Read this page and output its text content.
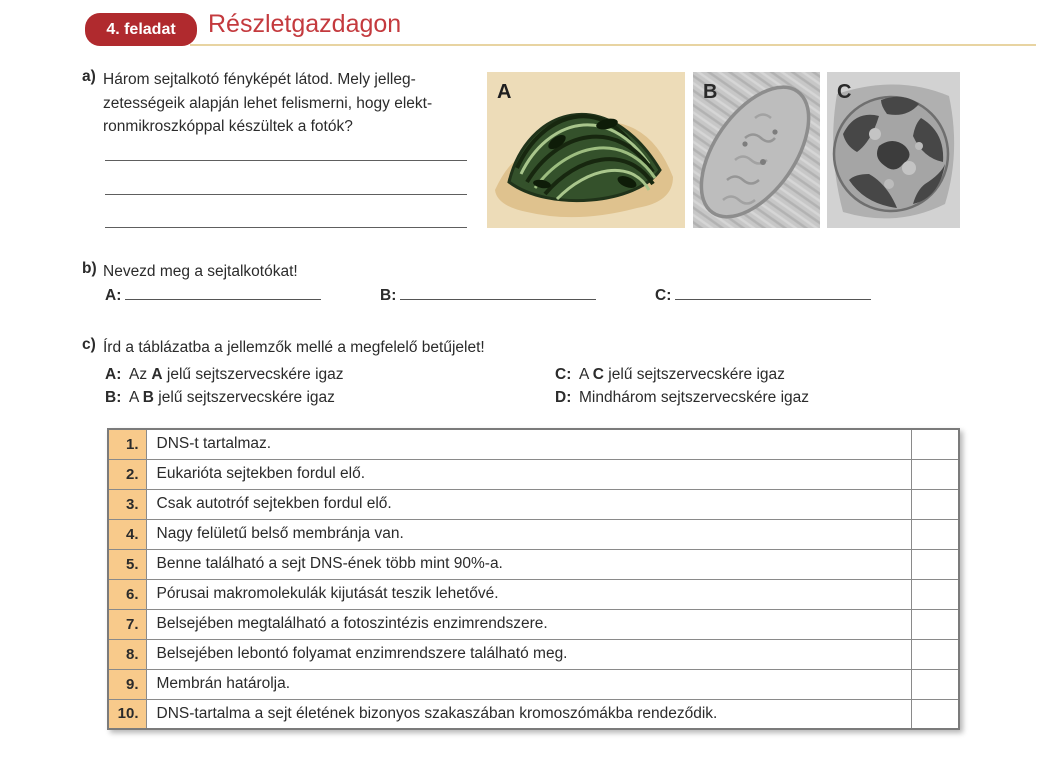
4. feladat	Részletgazdagon
a) Három sejtalkotó fényképét látod. Mely jelleg-
zetességeik alapján lehet felismerni, hogy elekt-
ronmikroszkóppal készültek a fotók?
A	B	C
b) Nevezd meg a sejtalkotókat!
A:	B:	C:
c) Írd a táblázatba a jellemzők mellé a megfelelő betűjelet!
A: Az A jelű sejtszervecskére igaz
B: A B jelű sejtszervecskére igaz
C: A C jelű sejtszervecskére igaz
D: Mindhárom sejtszervecskére igaz
1.	DNS-t tartalmaz.	
2.	Eukarióta sejtekben fordul elő.	
3.	Csak autotróf sejtekben fordul elő.	
4.	Nagy felületű belső membránja van.	
5.	Benne található a sejt DNS-ének több mint 90%-a.	
6.	Pórusai makromolekulák kijutását teszik lehetővé.	
7.	Belsejében megtalálható a fotoszintézis enzimrendszere.	
8.	Belsejében lebontó folyamat enzimrendszere található meg.	
9.	Membrán határolja.	
10.	DNS-tartalma a sejt életének bizonyos szakaszában kromoszómákba rendeződik.	
